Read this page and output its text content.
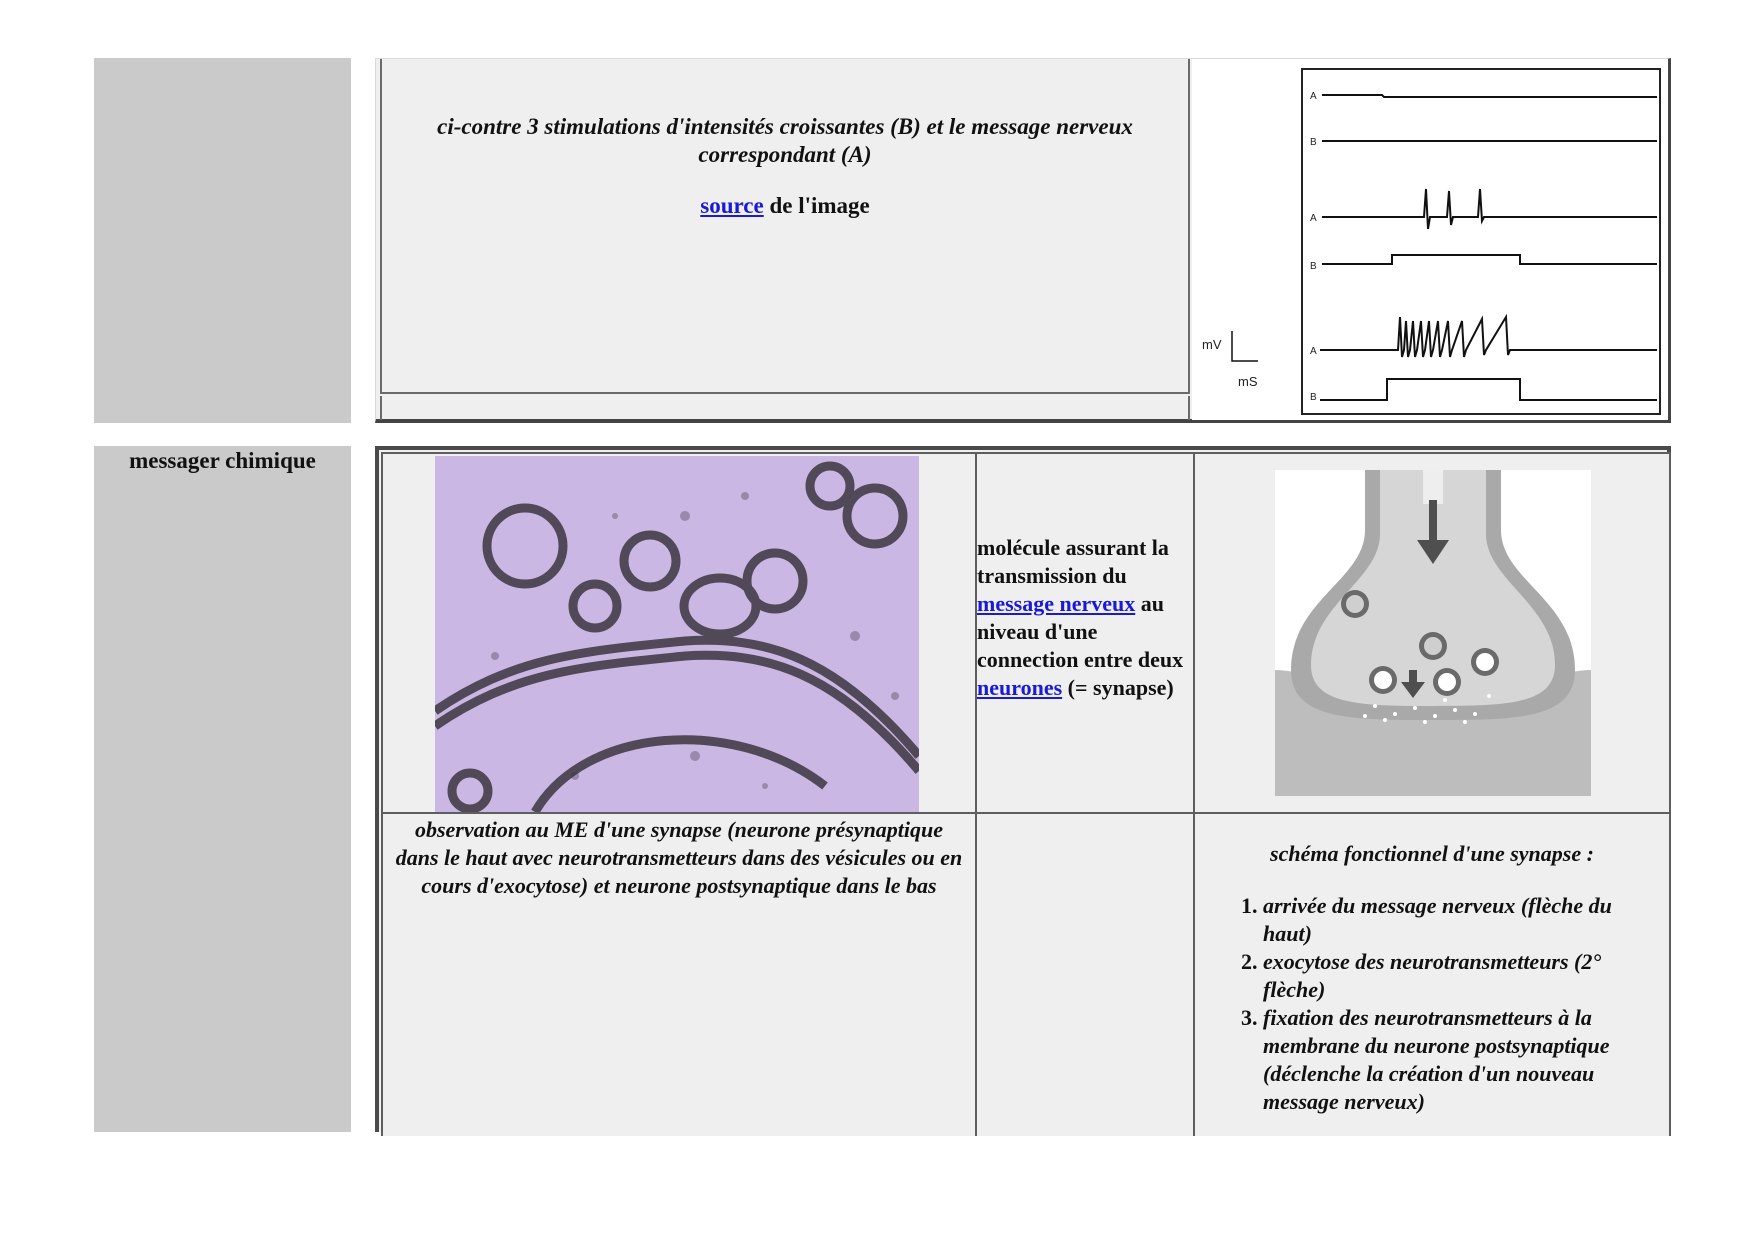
messager chimique
ci-contre 3 stimulations d'intensités croissantes (B) et le message nerveux correspondant (A)
source de l'image
A
B
A
B
A
B
mV
mS
molécule assurant la transmission du message nerveux au niveau d'une connection entre deux neurones (= synapse)
observation au ME d'une synapse (neurone présynaptique dans le haut avec neurotransmetteurs dans des vésicules ou en cours d'exocytose) et neurone postsynaptique dans le bas
schéma fonctionnel d'une synapse :
1. arrivée du message nerveux (flèche du haut)
2. exocytose des neurotransmetteurs (2° flèche)
3. fixation des neurotransmetteurs à la membrane du neurone postsynaptique (déclenche la création d'un nouveau message nerveux)
